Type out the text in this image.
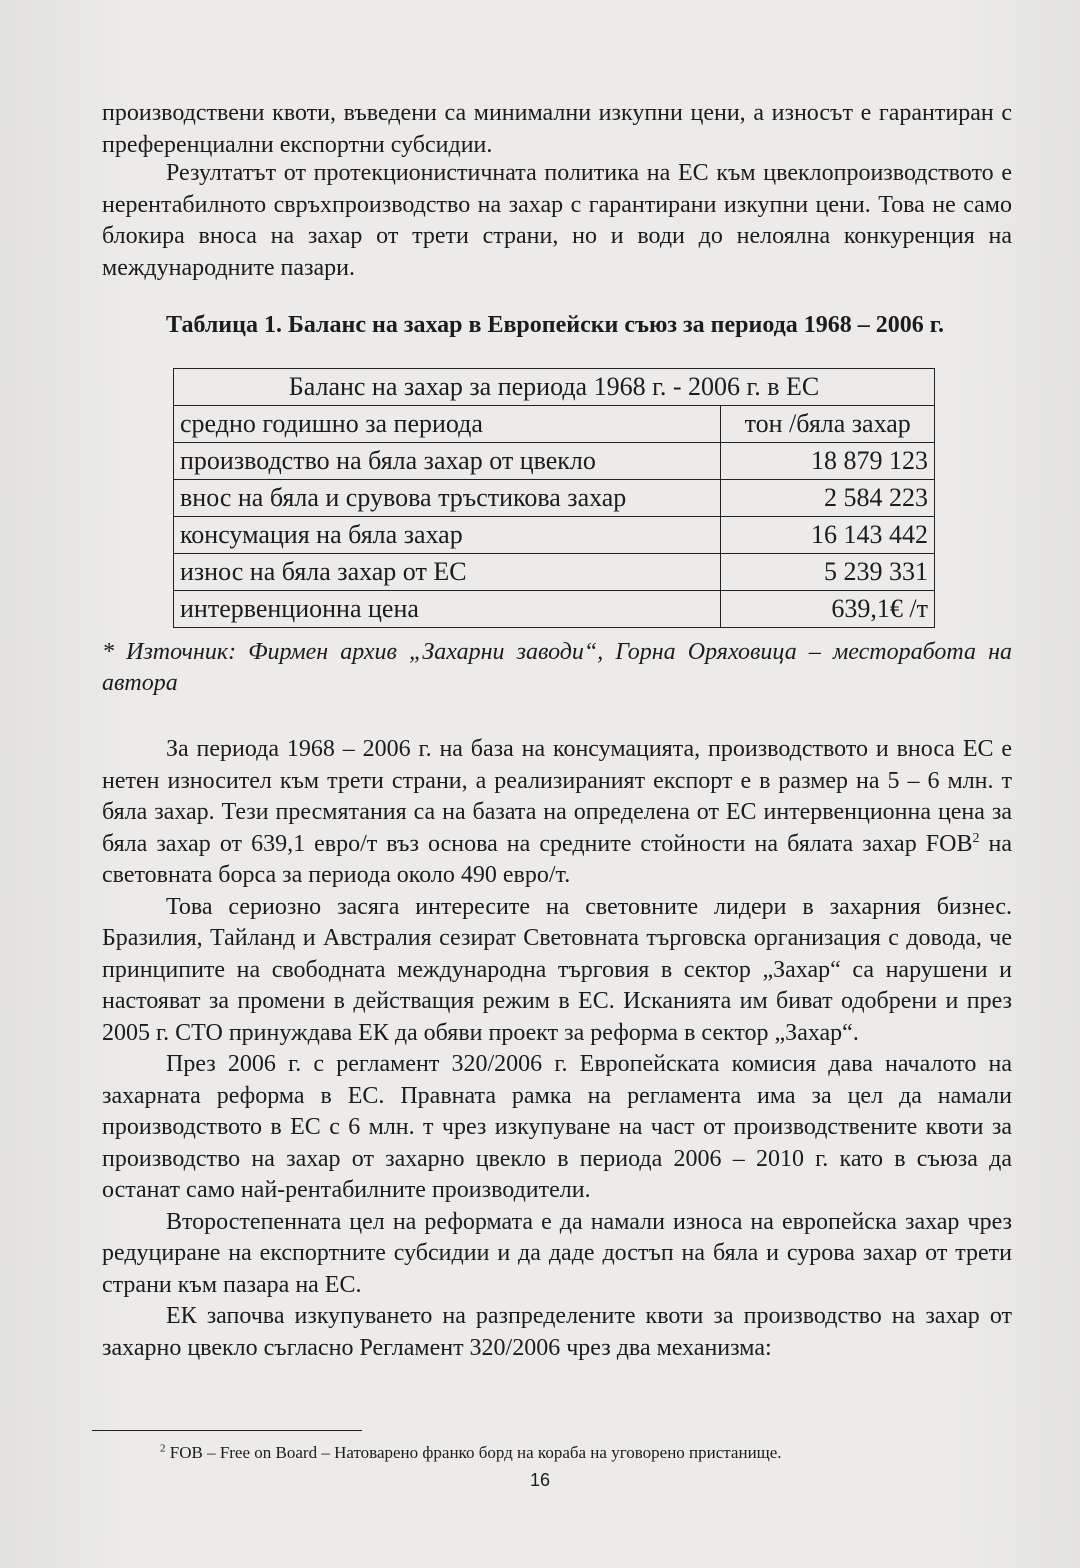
производствени квоти, въведени са минимални изкупни цени, а износът е гарантиран с преференциални експортни субсидии.

Резултатът от протекционистичната политика на ЕС към цвеклопроизводството е нерентабилното свръхпроизводство на захар с гарантирани изкупни цени. Това не само блокира вноса на захар от трети страни, но и води до нелоялна конкуренция на международните пазари.

Таблица 1. Баланс на захар в Европейски съюз за периода 1968 – 2006 г.
Баланс на захар за периода 1968 г. - 2006 г. в ЕС	
средно годишно за периода	тон /бяла захар
производство на бяла захар от цвекло	18 879 123
внос на бяла и срувова тръстикова захар	2 584 223
консумация на бяла захар	16 143 442
износ на бяла захар от ЕС	5 239 331
интервенционна цена	639,1€ /т
* Източник: Фирмен архив „Захарни заводи“, Горна Оряховица – месторабота на автора

За периода 1968 – 2006 г. на база на консумацията, производството и вноса ЕС е нетен износител към трети страни, а реализираният експорт е в размер на 5 – 6 млн. т бяла захар. Тези пресмятания са на базата на определена от ЕС интервенционна цена за бяла захар от 639,1 евро/т въз основа на средните стойности на бялата захар FOB$^2$ на световната борса за периода около 490 евро/т.

Това сериозно засяга интересите на световните лидери в захарния бизнес. Бразилия, Тайланд и Австралия сезират Световната търговска организация с довода, че принципите на свободната международна търговия в сектор „Захар“ са нарушени и настояват за промени в действащия режим в ЕС. Исканията им биват одобрени и през 2005 г. СТО принуждава ЕК да обяви проект за реформа в сектор „Захар“.

През 2006 г. с регламент 320/2006 г. Европейската комисия дава началото на захарната реформа в ЕС. Правната рамка на регламента има за цел да намали производството в ЕС с 6 млн. т чрез изкупуване на част от производствените квоти за производство на захар от захарно цвекло в периода 2006 – 2010 г. като в съюза да останат само най-рентабилните производители.

Второстепенната цел на реформата е да намали износа на европейска захар чрез редуциране на експортните субсидии и да даде достъп на бяла и сурова захар от трети страни към пазара на ЕС.

ЕК започва изкупуването на разпределените квоти за производство на захар от захарно цвекло съгласно Регламент 320/2006 чрез два механизма:

$^2$ FOB – Free on Board – Натоварено франко борд на кораба на уговорено пристанище.
16
